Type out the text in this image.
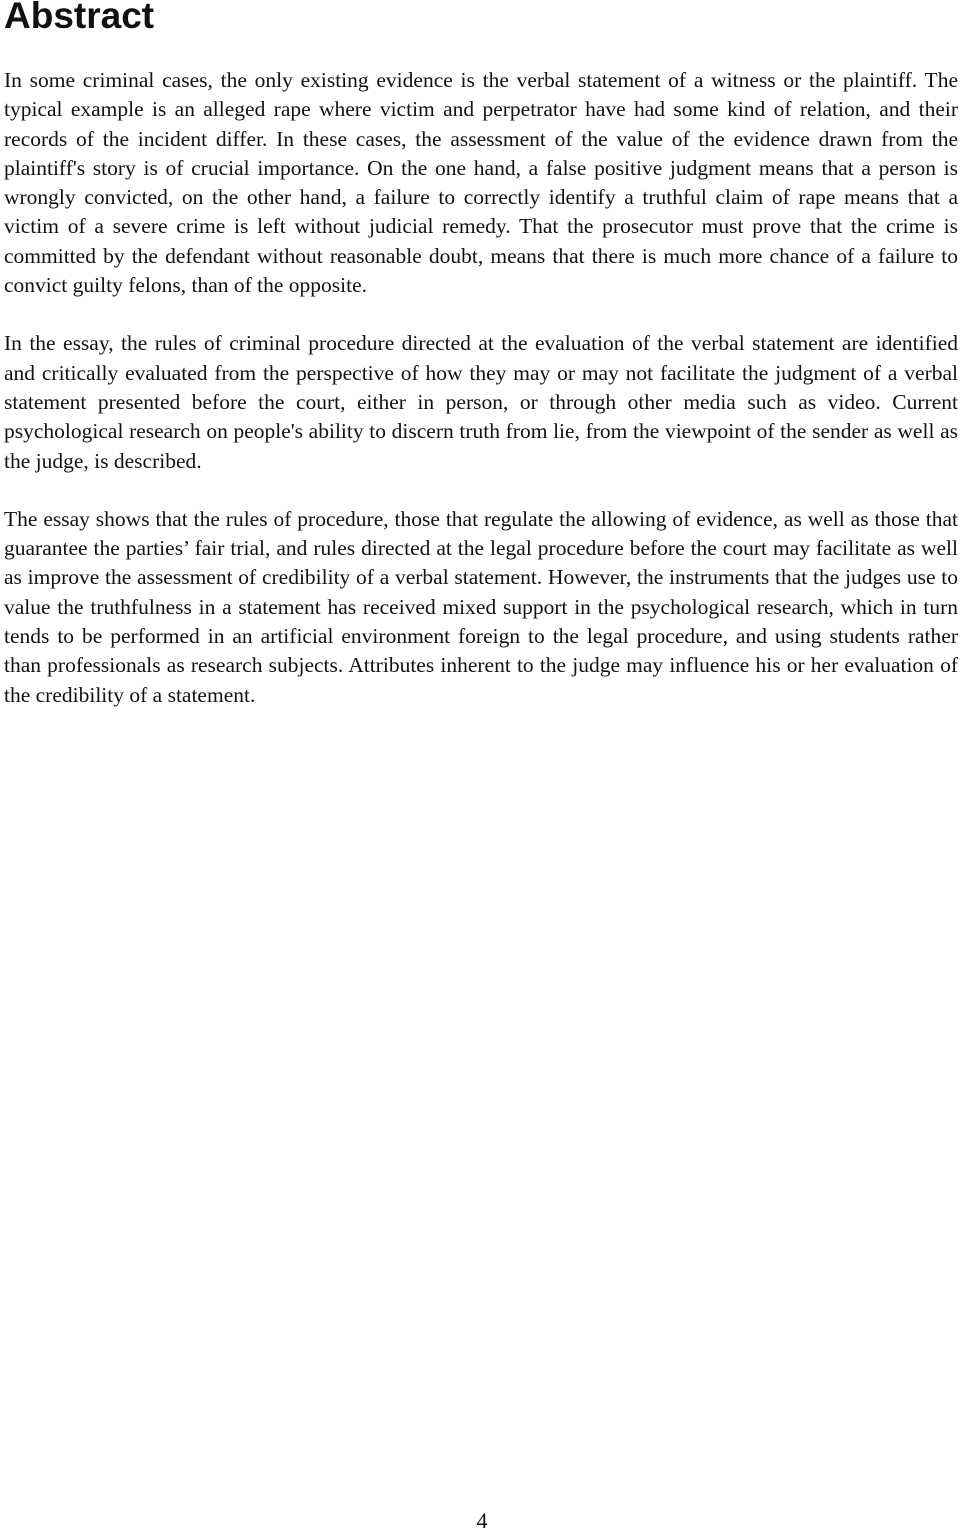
Abstract

In some criminal cases, the only existing evidence is the verbal statement of a witness or the plaintiff. The typical example is an alleged rape where victim and perpetrator have had some kind of relation, and their records of the incident differ. In these cases, the assessment of the value of the evidence drawn from the plaintiff's story is of crucial importance. On the one hand, a false positive judgment means that a person is wrongly convicted, on the other hand, a failure to correctly identify a truthful claim of rape means that a victim of a severe crime is left without judicial remedy. That the prosecutor must prove that the crime is committed by the defendant without reasonable doubt, means that there is much more chance of a failure to convict guilty felons, than of the opposite.

In the essay, the rules of criminal procedure directed at the evaluation of the verbal statement are identified and critically evaluated from the perspective of how they may or may not facilitate the judgment of a verbal statement presented before the court, either in person, or through other media such as video. Current psychological research on people's ability to discern truth from lie, from the viewpoint of the sender as well as the judge, is described.

The essay shows that the rules of procedure, those that regulate the allowing of evidence, as well as those that guarantee the parties’ fair trial, and rules directed at the legal procedure before the court may facilitate as well as improve the assessment of credibility of a verbal statement. However, the instruments that the judges use to value the truthfulness in a statement has received mixed support in the psychological research, which in turn tends to be performed in an artificial environment foreign to the legal procedure, and using students rather than professionals as research subjects. Attributes inherent to the judge may influence his or her evaluation of the credibility of a statement.

4
